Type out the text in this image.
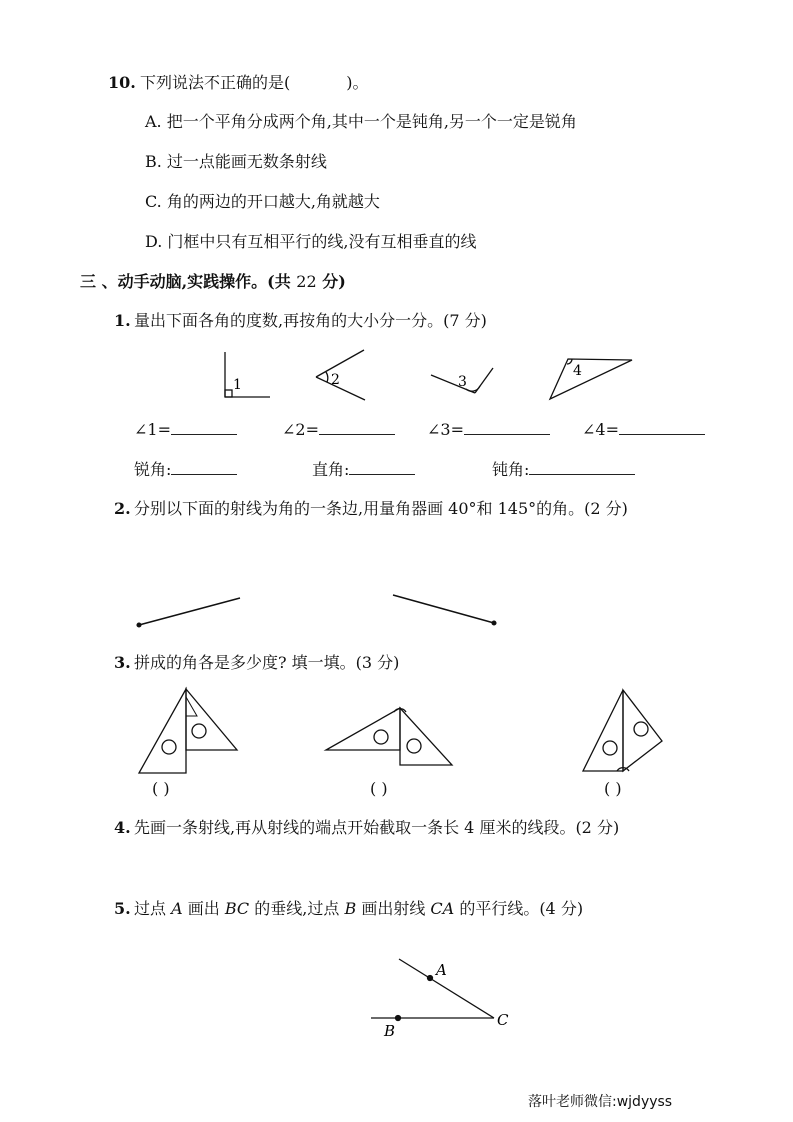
10. 下列说法不正确的是(	)。
A. 把一个平角分成两个角,其中一个是钝角,另一个一定是锐角
B. 过一点能画无数条射线
C. 角的两边的开口越大,角就越大
D. 门框中只有互相平行的线,没有互相垂直的线
三 、动手动脑,实践操作。(共 22 分)
1. 量出下面各角的度数,再按角的大小分一分。(7 分)
1	2	3
4
A
B
C
∠1=	∠2=	∠3=	∠4=
锐角:	直角:	钝角:
2. 分别以下面的射线为角的一条边,用量角器画 40°和 145°的角。(2 分)
3. 拼成的角各是多少度? 填一填。(3 分)
( )	( )	( )
4. 先画一条射线,再从射线的端点开始截取一条长 4 厘米的线段。(2 分)
5. 过点 A 画出 BC 的垂线,过点 B 画出射线 CA 的平行线。(4 分)
落叶老师微信:wjdyyss
